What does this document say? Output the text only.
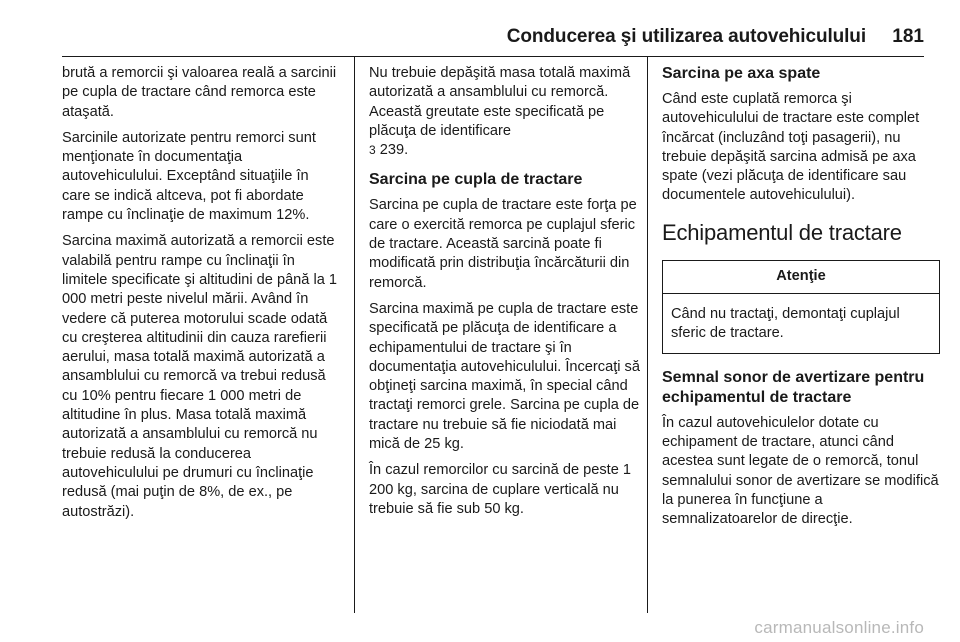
Conducerea şi utilizarea autovehiculului 181

brută a remorcii şi valoarea reală a sarcinii pe cupla de tractare când remorca este ataşată.

Sarcinile autorizate pentru remorci sunt menţionate în documentaţia autovehiculului. Exceptând situaţiile în care se indică altceva, pot fi abordate rampe cu înclinaţie de maximum 12%.

Sarcina maximă autorizată a remorcii este valabilă pentru rampe cu înclinaţii în limitele specificate şi altitudini de până la 1 000 metri peste nivelul mării. Având în vedere că puterea motorului scade odată cu creşterea altitudinii din cauza rarefierii aerului, masa totală maximă autorizată a ansamblului cu remorcă va trebui redusă cu 10% pentru fiecare 1 000 metri de altitudine în plus. Masa totală maximă autorizată a ansamblului cu remorcă nu trebuie redusă la conducerea autovehiculului pe drumuri cu înclinaţie redusă (mai puţin de 8%, de ex., pe autostrăzi).

Nu trebuie depăşită masa totală maximă autorizată a ansamblului cu remorcă. Această greutate este specificată pe plăcuţa de identificare
3 239.

Sarcina pe cupla de tractare

Sarcina pe cupla de tractare este forţa pe care o exercită remorca pe cuplajul sferic de tractare. Această sarcină poate fi modificată prin distribuţia încărcăturii din remorcă.

Sarcina maximă pe cupla de tractare este specificată pe plăcuţa de identificare a echipamentului de tractare şi în documentaţia autovehiculului. Încercaţi să obţineţi sarcina maximă, în special când tractaţi remorci grele. Sarcina pe cupla de tractare nu trebuie să fie niciodată mai mică de 25 kg.

În cazul remorcilor cu sarcină de peste 1 200 kg, sarcina de cuplare verticală nu trebuie să fie sub 50 kg.

Sarcina pe axa spate

Când este cuplată remorca şi autovehiculului de tractare este complet încărcat (incluzând toţi pasagerii), nu trebuie depăşită sarcina admisă pe axa spate (vezi plăcuţa de identificare sau documentele autovehiculului).

Echipamentul de tractare
Atenţie
Când nu tractaţi, demontaţi cuplajul sferic de tractare.
Semnal sonor de avertizare pentru echipamentul de tractare

În cazul autovehiculelor dotate cu echipament de tractare, atunci când acestea sunt legate de o remorcă, tonul semnalului sonor de avertizare se modifică la punerea în funcţiune a semnalizatoarelor de direcţie.

carmanualsonline.info
